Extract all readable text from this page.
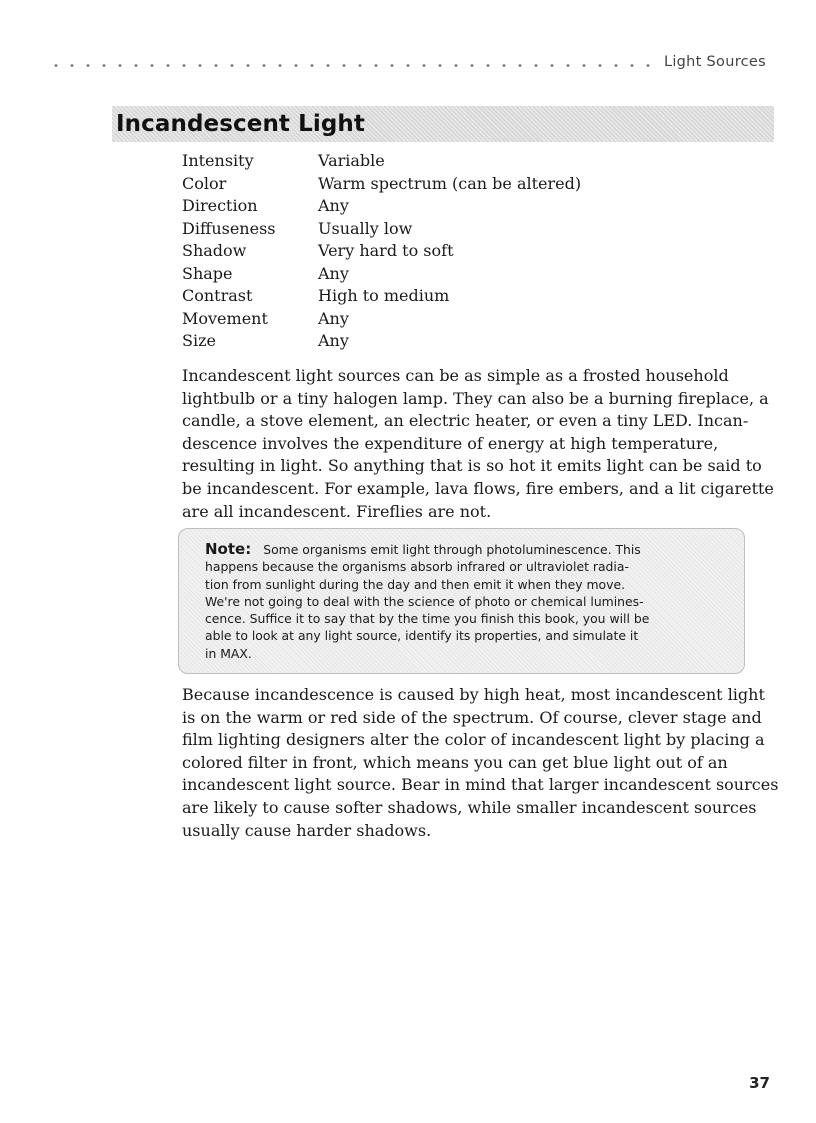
Light Sources
Incandescent Light
Intensity	Variable
Color	Warm spectrum (can be altered)
Direction	Any
Diffuseness	Usually low
Shadow	Very hard to soft
Shape	Any
Contrast	High to medium
Movement	Any
Size	Any

Incandescent light sources can be as simple as a frosted household

lightbulb or a tiny halogen lamp. They can also be a burning fireplace, a

candle, a stove element, an electric heater, or even a tiny LED. Incan-

descence involves the expenditure of energy at high temperature,

resulting in light. So anything that is so hot it emits light can be said to

be incandescent. For example, lava flows, fire embers, and a lit cigarette

are all incandescent. Fireflies are not.

Note: Some organisms emit light through photoluminescence. This

happens because the organisms absorb infrared or ultraviolet radia-

tion from sunlight during the day and then emit it when they move.

We're not going to deal with the science of photo or chemical lumines-

cence. Suffice it to say that by the time you finish this book, you will be

able to look at any light source, identify its properties, and simulate it

in MAX.

Because incandescence is caused by high heat, most incandescent light

is on the warm or red side of the spectrum. Of course, clever stage and

film lighting designers alter the color of incandescent light by placing a

colored filter in front, which means you can get blue light out of an

incandescent light source. Bear in mind that larger incandescent sources

are likely to cause softer shadows, while smaller incandescent sources

usually cause harder shadows.

37
